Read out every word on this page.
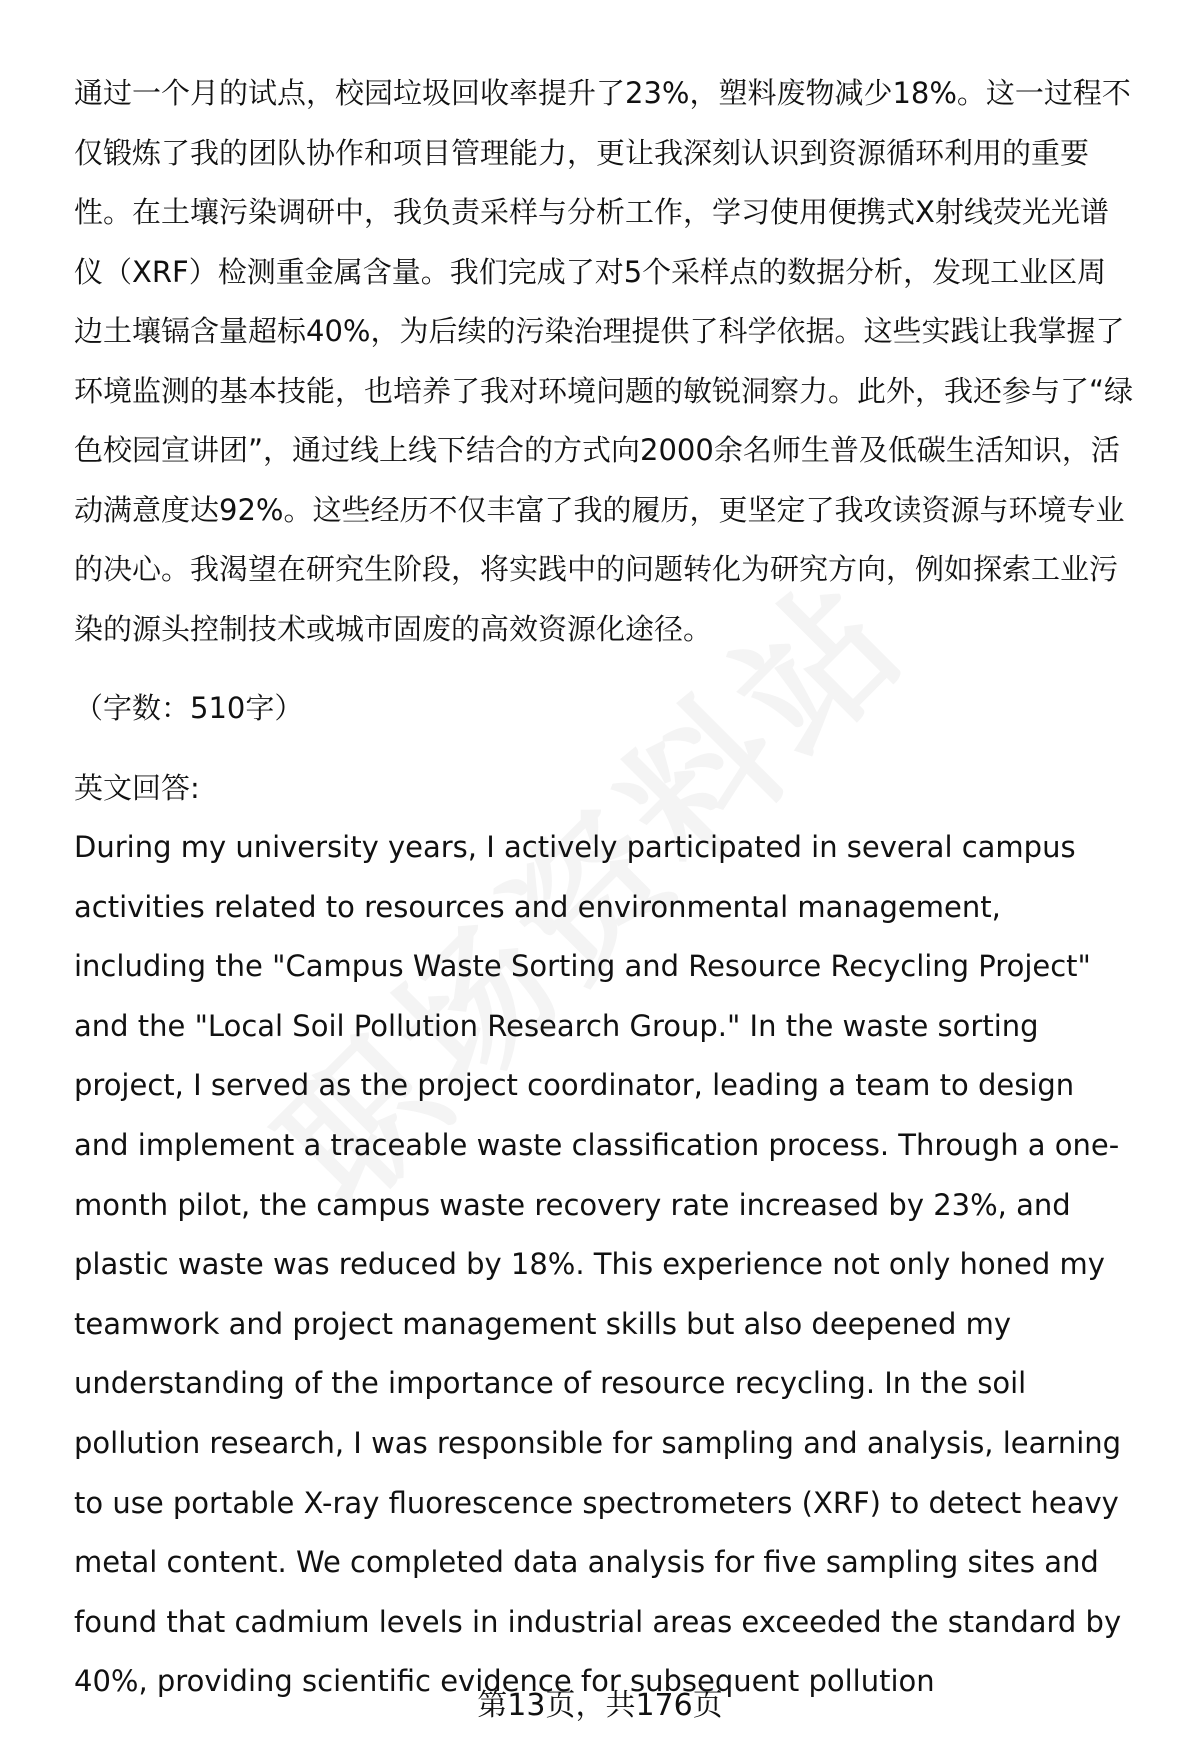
通过一个月的试点，校园垃圾回收率提升了23%，塑料废物减少18%。这一过程不仅锻炼了我的团队协作和项目管理能力，更让我深刻认识到资源循环利用的重要性。在土壤污染调研中，我负责采样与分析工作，学习使用便携式X射线荧光光谱仪（XRF）检测重金属含量。我们完成了对5个采样点的数据分析，发现工业区周边土壤镉含量超标40%，为后续的污染治理提供了科学依据。这些实践让我掌握了环境监测的基本技能，也培养了我对环境问题的敏锐洞察力。此外，我还参与了“绿色校园宣讲团”，通过线上线下结合的方式向2000余名师生普及低碳生活知识，活动满意度达92%。这些经历不仅丰富了我的履历，更坚定了我攻读资源与环境专业的决心。我渴望在研究生阶段，将实践中的问题转化为研究方向，例如探索工业污染的源头控制技术或城市固废的高效资源化途径。

（字数：510字）

英文回答:

During my university years, I actively participated in several campus activities related to resources and environmental management, including the "Campus Waste Sorting and Resource Recycling Project" and the "Local Soil Pollution Research Group." In the waste sorting project, I served as the project coordinator, leading a team to design and implement a traceable waste classification process. Through a one-month pilot, the campus waste recovery rate increased by 23%, and plastic waste was reduced by 18%. This experience not only honed my teamwork and project management skills but also deepened my understanding of the importance of resource recycling. In the soil pollution research, I was responsible for sampling and analysis, learning to use portable X-ray fluorescence spectrometers (XRF) to detect heavy metal content. We completed data analysis for five sampling sites and found that cadmium levels in industrial areas exceeded the standard by 40%, providing scientific evidence for subsequent pollution

第13页，共176页
